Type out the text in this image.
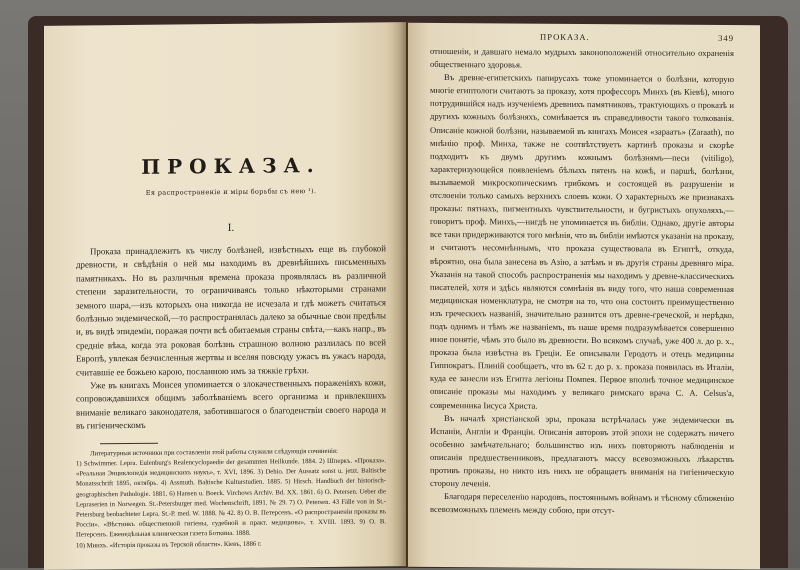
ПРОКАЗА.
Ея распространеніе и міры борьбы съ нею ¹).
I.

Проказа принадлежитъ къ числу болѣзней, извѣстныхъ еще въ глубокой древности, и свѣдѣнія о ней мы находимъ въ древнѣйшихъ письменныхъ памятникахъ. Но въ различныя времена проказа проявлялась въ различной степени заразительности, то ограничиваясь только нѣкоторыми странами земного шара,—изъ которыхъ она никогда не исчезала и гдѣ можетъ считаться болѣзнью эндемической,—то распространялась далеко за обычные свои предѣлы и, въ видѣ эпидеміи, поражая почти всѣ обитаемыя страны свѣта,—какъ напр., въ средніе вѣка, когда эта роковая болѣзнь страшною волною разлилась по всей Европѣ, увлекая безчисленныя жертвы и вселяя повсюду ужасъ въ ужасъ народа, считавшіе ее божьею карою, посланною имъ за тяжкіе грѣхи.

Уже въ книгахъ Моисея упоминается о злокачественныхъ пораженіяхъ кожи, сопровождавшихся общимъ заболѣваніемъ всего организма и привлекшихъ вниманіе великаго законодателя, заботившагося о благоденствіи своего народа и въ гигіеническомъ

Литературныя источники при составленіи этой работы служили слѣдующія сочиненія:

1) Schwimmer. Lepra. Eulenburg's Realencyclopaedie der gesammten Heilkunde. 1884. 2) Шперкъ. «Проказа». «Реальная Энциклопедія медицинскихъ наукъ», т. XVI, 1896. 3) Dehio. Der Aussatz sonst u. jetzt. Baltische Monatsschrift 1895, октябрь. 4) Assmuth. Baltische Kulturstudien. 1885. 5) Hirsch. Handbuch der historisch-geographischen Pathologie. 1881. 6) Hansen u. Boeck. Virchows Archiv. Bd. XX. 1861. 6) O. Petersen. Ueber die Lepraserien in Norwegen. St.-Petersburger med. Wochenschrift, 1891. № 29. 7) O. Petersen. 43 Fälle von in St.-Petersburg beobachteter Lepra. St.-P. med. W. 1888. № 42. 8) О. В. Петерсенъ. «О распространеніи проказы въ Россіи». «Вѣстникъ общественной гигіены, судебной и практ. медицины», т. XVIII. 1893. 9) О. В. Петерсенъ. Еженедѣльная клиническая газета Боткина. 1888.

10) Минхъ. «Исторія проказы въ Терской области». Кіевъ, 1886 г.

ПРОКАЗА.	349

отношеніи, и давшаго немало мудрыхъ законоположеній относительно охраненія общественнаго здоровья.

Въ древне-египетскихъ папирусахъ тоже упоминается о болѣзни, которую многіе египтологи считаютъ за проказу, хотя профессоръ Минхъ (въ Кіевѣ), много потрудившійся надъ изученіемъ древнихъ памятниковъ, трактующихъ о проказѣ и другихъ кожныхъ болѣзняхъ, сомнѣвается въ справедливости такого толкованія. Описаніе кожной болѣзни, называемой въ книгахъ Моисея «зараатъ» (Zaraath), по мнѣнію проф. Минха, также не соотвѣтствуетъ картинѣ проказы и скорѣе подходитъ къ двумъ другимъ кожнымъ болѣзнямъ—песи (vitiligo), характеризующейся появленіемъ бѣлыхъ пятенъ на кожѣ, и паршѣ, болѣзни, вызываемой микроскопическимъ грибкомъ и состоящей въ разрушеніи и отслоеніи только самыхъ верхнихъ слоевъ кожи. О характерныхъ же признакахъ проказы: пятнахъ, пигментныхъ чувствительности, и бугристыхъ опухоляхъ,—говоритъ проф. Минхъ,—нигдѣ не упоминается въ библіи. Однако, другіе авторы все таки придерживаются того мнѣнія, что въ библіи имѣются указанія на проказу, и считаютъ несомнѣннымъ, что проказа существовала въ Египтѣ, откуда, вѣроятно, она была занесена въ Азію, а затѣмъ и въ другія страны древняго міра. Указанія на такой способъ распространенія мы находимъ у древне-классическихъ писателей, хотя и здѣсь являются сомнѣнія въ виду того, что наша современная медицинская номенклатура, не смотря на то, что она состоитъ преимущественно изъ греческихъ названій, значительно разнится отъ древне-греческой, и нерѣдко, подъ однимъ и тѣмъ же названіемъ, въ наше время подразумѣвается совершенно иное понятіе, чѣмъ это было въ древности. Во всякомъ случаѣ, уже 400 л. до р. х., проказа была извѣстна въ Греціи. Ее описывали Геродотъ и отецъ медицины Гиппократъ. Плиній сообщаетъ, что въ 62 г. до р. х. проказа появилась въ Италіи, куда ее занесли изъ Египта легіоны Помпея. Первое вполнѣ точное медицинское описаніе проказы мы находимъ у великаго римскаго врача С. А. Celsus'а, современника Іисуса Христа.

Въ началѣ христіанской эры, проказа встрѣчалась уже эндемически въ Испаніи, Англіи и Франціи. Описанія авторовъ этой эпохи не содержатъ ничего особенно замѣчательнаго; большинство изъ нихъ повторяютъ наблюденія и описанія предшественниковъ, предлагаютъ массу всевозможныхъ лѣкарствъ противъ проказы, но никто изъ нихъ не обращаетъ вниманія на гигіеническую сторону леченія.

Благодаря переселенію народовъ, постояннымъ войнамъ и тѣсному сближенію всевозможныхъ племенъ между собою, при отсут-
